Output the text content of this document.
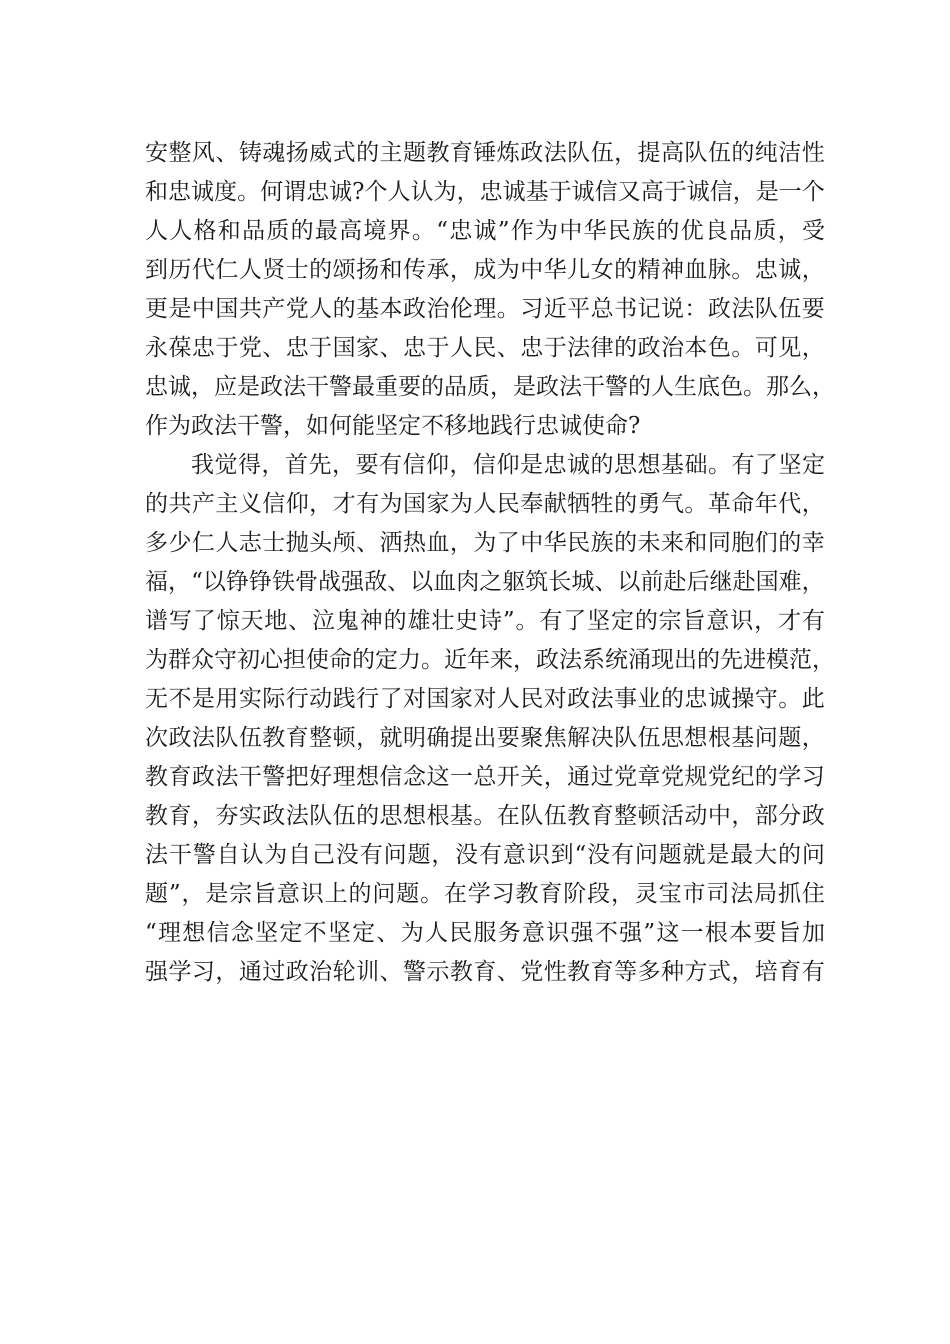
安 整 风 、 铸 魂 扬 威 式 的 主 题 教 育 锤 炼 政 法 队 伍 ， 提 高 队 伍 的 纯 洁 性
和 忠 诚 度 。 何 谓 忠 诚 ? 个 人 认 为 ， 忠 诚 基 于 诚 信 又 高 于 诚 信 ， 是 一 个
人 人 格 和 品 质 的 最 高 境 界 。 “ 忠 诚 ” 作 为 中 华 民 族 的 优 良 品 质 ， 受
到 历 代 仁 人 贤 士 的 颂 扬 和 传 承 ， 成 为 中 华 儿 女 的 精 神 血 脉 。 忠 诚 ，
更 是 中 国 共 产 党 人 的 基 本 政 治 伦 理 。 习 近 平 总 书 记 说 ： 政 法 队 伍 要
永 葆 忠 于 党 、 忠 于 国 家 、 忠 于 人 民 、 忠 于 法 律 的 政 治 本 色 。 可 见 ，
忠 诚 ， 应 是 政 法 干 警 最 重 要 的 品 质 ， 是 政 法 干 警 的 人 生 底 色 。 那 么 ，
作为政法干警，如何能坚定不移地践行忠诚使命?
我 觉 得 ， 首 先 ， 要 有 信 仰 ， 信 仰 是 忠 诚 的 思 想 基 础 。 有 了 坚 定
的 共 产 主 义 信 仰 ， 才 有 为 国 家 为 人 民 奉 献 牺 牲 的 勇 气 。 革 命 年 代 ，
多 少 仁 人 志 士 抛 头 颅 、 洒 热 血 ， 为 了 中 华 民 族 的 未 来 和 同 胞 们 的 幸
福 ， “ 以 铮 铮 铁 骨 战 强 敌 、 以 血 肉 之 躯 筑 长 城 、 以 前 赴 后 继 赴 国 难 ，
谱 写 了 惊 天 地 、 泣 鬼 神 的 雄 壮 史 诗 ” 。 有 了 坚 定 的 宗 旨 意 识 ， 才 有
为 群 众 守 初 心 担 使 命 的 定 力 。 近 年 来 ， 政 法 系 统 涌 现 出 的 先 进 模 范 ，
无 不 是 用 实 际 行 动 践 行 了 对 国 家 对 人 民 对 政 法 事 业 的 忠 诚 操 守 。 此
次 政 法 队 伍 教 育 整 顿 ， 就 明 确 提 出 要 聚 焦 解 决 队 伍 思 想 根 基 问 题 ，
教 育 政 法 干 警 把 好 理 想 信 念 这 一 总 开 关 ， 通 过 党 章 党 规 党 纪 的 学 习
教 育 ， 夯 实 政 法 队 伍 的 思 想 根 基 。 在 队 伍 教 育 整 顿 活 动 中 ， 部 分 政
法 干 警 自 认 为 自 己 没 有 问 题 ， 没 有 意 识 到 “ 没 有 问 题 就 是 最 大 的 问
题 ” ， 是 宗 旨 意 识 上 的 问 题 。 在 学 习 教 育 阶 段 ， 灵 宝 市 司 法 局 抓 住
“ 理 想 信 念 坚 定 不 坚 定 、 为 人 民 服 务 意 识 强 不 强 ” 这 一 根 本 要 旨 加
强 学 习 ， 通 过 政 治 轮 训 、 警 示 教 育 、 党 性 教 育 等 多 种 方 式 ， 培 育 有
